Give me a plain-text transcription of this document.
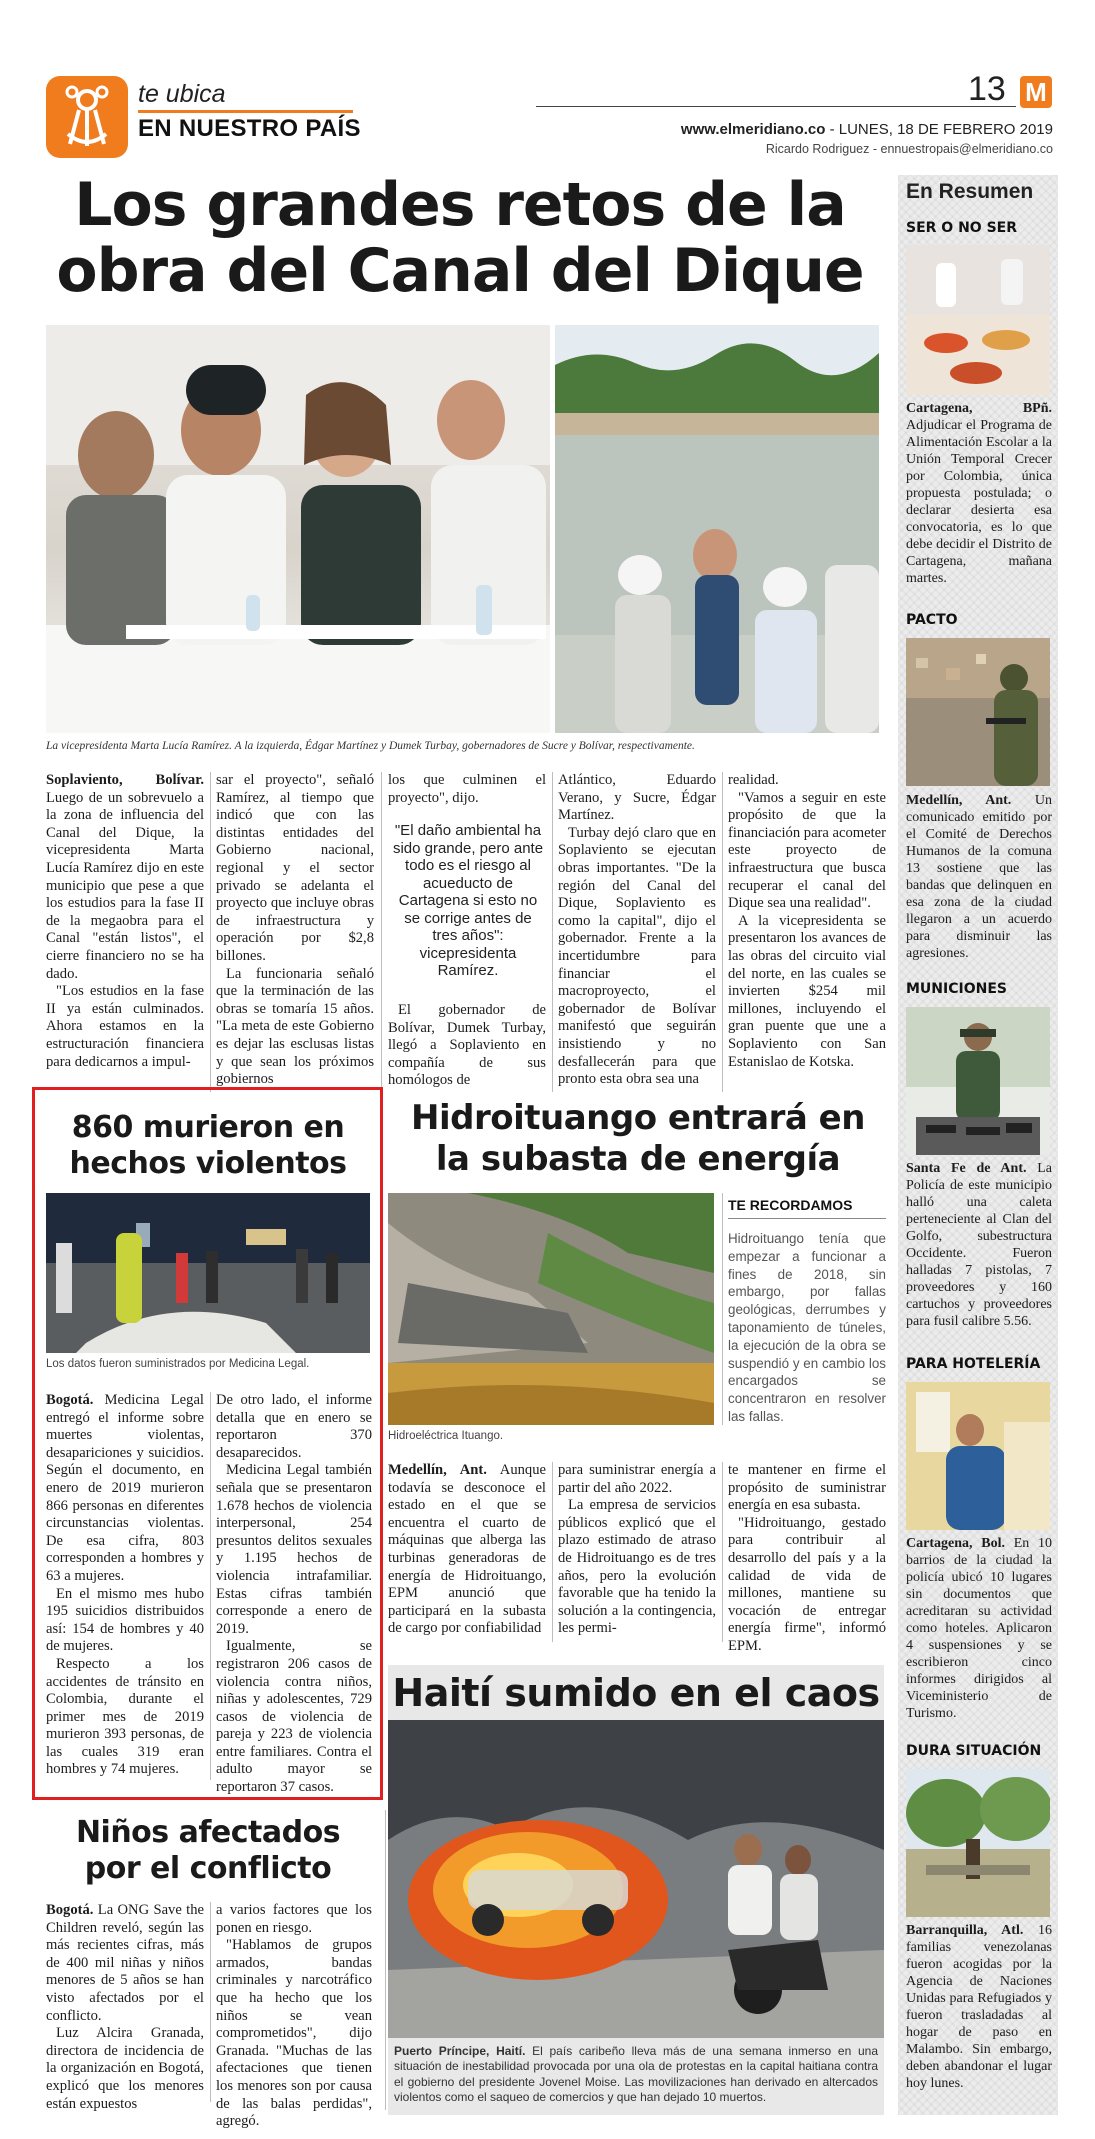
te ubica
EN NUESTRO PAÍS
13 M
www.elmeridiano.co - LUNES, 18 DE FEBRERO 2019
Ricardo Rodriguez - ennuestropais@elmeridiano.co
Los grandes retos de la
obra del Canal del Dique
La vicepresidenta Marta Lucía Ramírez. A la izquierda, Édgar Martínez y Dumek Turbay, gobernadores de Sucre y Bolívar, respectivamente.

Soplaviento, Bolívar. Luego de un sobrevuelo a la zona de influencia del Canal del Dique, la vicepresidenta Marta Lucía Ramírez dijo en este municipio que pese a que los estudios para la fase II de la megaobra para el Canal "están listos", el cierre financiero no se ha dado.

"Los estudios en la fase II ya están culminados. Ahora estamos en la estructuración financiera para dedicarnos a impul-

sar el proyecto", señaló Ramírez, al tiempo que indicó que con las distintas entidades del Gobierno nacional, regional y el sector privado se adelanta el proyecto que incluye obras de infraestructura y operación por $2,8 billones.

La funcionaria señaló que la terminación de las obras se tomaría 15 años. "La meta de este Gobierno es dejar las esclusas listas y que sean los próximos gobiernos

los que culminen el proyecto", dijo.

"El daño ambiental ha sido grande, pero ante todo es el riesgo al acueducto de Cartagena si esto no se corrige antes de tres años": vicepresidenta Ramírez.

El gobernador de Bolívar, Dumek Turbay, llegó a Soplaviento en compañía de sus homólogos de

Atlántico, Eduardo Verano, y Sucre, Édgar Martínez.

Turbay dejó claro que en Soplaviento se ejecutan obras importantes. "De la región del Canal del Dique, Soplaviento es como la capital", dijo el gobernador. Frente a la incertidumbre para financiar el macroproyecto, el gobernador de Bolívar manifestó que seguirán insistiendo y no desfallecerán para que pronto esta obra sea una

realidad.

"Vamos a seguir en este propósito de que la financiación para acometer este proyecto de infraestructura que busca recuperar el canal del Dique sea una realidad".

A la vicepresidenta se presentaron los avances de las obras del circuito vial del norte, en las cuales se invierten $254 mil millones, incluyendo el gran puente que une a Soplaviento con San Estanislao de Kotska.

860 murieron en
hechos violentos
Los datos fueron suministrados por Medicina Legal.

Bogotá. Medicina Legal entregó el informe sobre muertes violentas, desapariciones y suicidios. Según el documento, en enero de 2019 murieron 866 personas en diferentes circunstancias violentas. De esa cifra, 803 corresponden a hombres y 63 a mujeres.

En el mismo mes hubo 195 suicidios distribuidos así: 154 de hombres y 40 de mujeres.

Respecto a los accidentes de tránsito en Colombia, durante el primer mes de 2019 murieron 393 personas, de las cuales 319 eran hombres y 74 mujeres.

De otro lado, el informe detalla que en enero se reportaron 370 desaparecidos.

Medicina Legal también señala que se presentaron 1.678 hechos de violencia interpersonal, 254 presuntos delitos sexuales y 1.195 hechos de violencia intrafamiliar. Estas cifras también corresponde a enero de 2019.

Igualmente, se registraron 206 casos de violencia contra niños, niñas y adolescentes, 729 casos de violencia de pareja y 223 de violencia entre familiares. Contra el adulto mayor se reportaron 37 casos.

Niños afectados
por el conflicto

Bogotá. La ONG Save the Children reveló, según las más recientes cifras, más de 400 mil niñas y niños menores de 5 años se han visto afectados por el conflicto.

Luz Alcira Granada, directora de incidencia de la organización en Bogotá, explicó que los menores están expuestos

a varios factores que los ponen en riesgo.

"Hablamos de grupos armados, bandas criminales y narcotráfico que ha hecho que los niños se vean comprometidos", dijo Granada. "Muchas de las afectaciones que tienen los menores son por causa de las balas perdidas", agregó.

Hidroituango entrará en
la subasta de energía
Hidroeléctrica Ituango.
TE RECORDAMOS
Hidroituango tenía que empezar a funcionar a fines de 2018, sin embargo, por fallas geológicas, derrumbes y taponamiento de túneles, la ejecución de la obra se suspendió y en cambio los encargados se concentraron en resolver las fallas.

Medellín, Ant. Aunque todavía se desconoce el estado en el que se encuentra el cuarto de máquinas que alberga las turbinas generadoras de energía de Hidroituango, EPM anunció que participará en la subasta de cargo por confiabilidad

para suministrar energía a partir del año 2022.

La empresa de servicios públicos explicó que el plazo estimado de atraso de Hidroituango es de tres años, pero la evolución favorable que ha tenido la solución a la contingencia, les permi-

te mantener en firme el propósito de suministrar energía en esa subasta.

"Hidroituango, gestado para contribuir al desarrollo del país y a la calidad de vida de millones, mantiene su vocación de entregar energía firme", informó EPM.

Haití sumido en el caos
Puerto Príncipe, Haití. El país caribeño lleva más de una semana inmerso en una situación de inestabilidad provocada por una ola de protestas en la capital haitiana contra el gobierno del presidente Jovenel Moise. Las movilizaciones han derivado en altercados violentos como el saqueo de comercios y que han dejado 10 muertos.
En Resumen
SER O NO SER
Cartagena, BPñ. Adjudicar el Programa de Alimentación Escolar a la Unión Temporal Crecer por Colombia, única propuesta postulada; o declarar desierta esa convocatoria, es lo que debe decidir el Distrito de Cartagena, mañana martes.
PACTO
Medellín, Ant. Un comunicado emitido por el Comité de Derechos Humanos de la comuna 13 sostiene que las bandas que delinquen en esa zona de la ciudad llegaron a un acuerdo para disminuir las agresiones.
MUNICIONES
Santa Fe de Ant. La Policía de este municipio halló una caleta perteneciente al Clan del Golfo, subestructura Occidente. Fueron halladas 7 pistolas, 7 proveedores y 160 cartuchos y proveedores para fusil calibre 5.56.
PARA HOTELERÍA
Cartagena, Bol. En 10 barrios de la ciudad la policía ubicó 10 lugares sin documentos que acreditaran su actividad como hoteles. Aplicaron 4 suspensiones y se escribieron cinco informes dirigidos al Viceministerio de Turismo.
DURA SITUACIÓN
Barranquilla, Atl. 16 familias venezolanas fueron acogidas por la Agencia de Naciones Unidas para Refugiados y fueron trasladadas al hogar de paso en Malambo. Sin embargo, deben abandonar el lugar hoy lunes.
